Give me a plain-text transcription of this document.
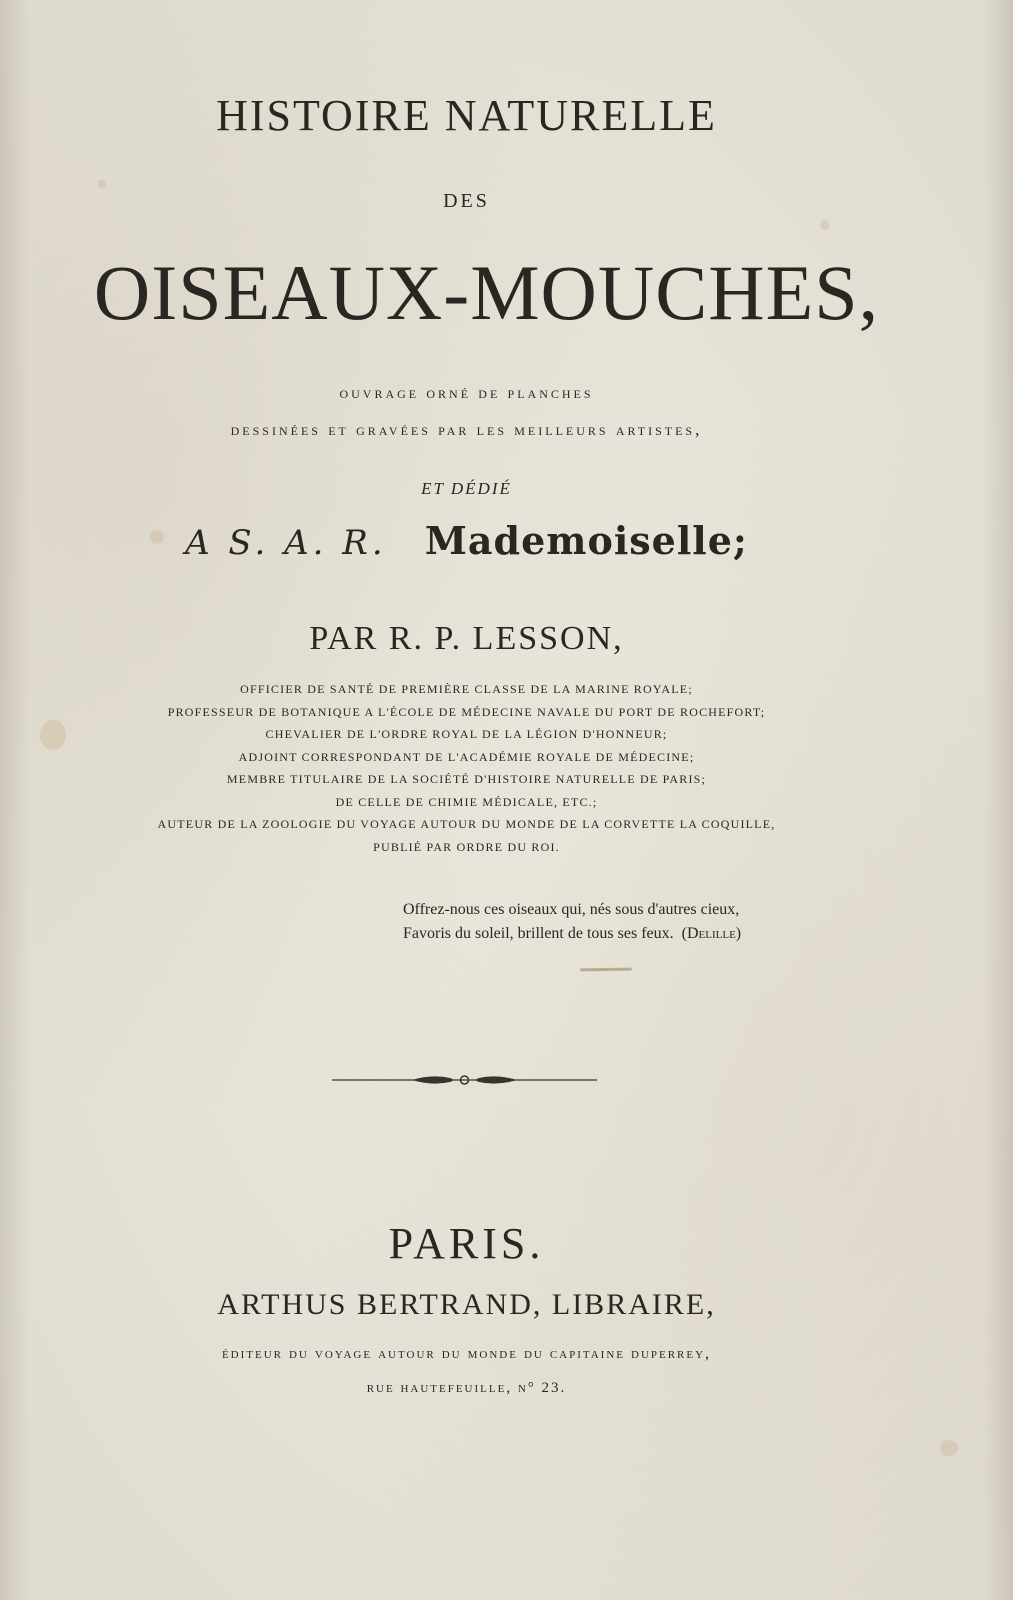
HISTOIRE NATURELLE
DES
OISEAUX-MOUCHES,
ouvrage orné de planches
dessinées et gravées par les meilleurs artistes,
ET DÉDIÉ
A S. A. R. Mademoiselle;
PAR R. P. LESSON,
OFFICIER DE SANTÉ DE PREMIÈRE CLASSE DE LA MARINE ROYALE;
PROFESSEUR DE BOTANIQUE A L'ÉCOLE DE MÉDECINE NAVALE DU PORT DE ROCHEFORT;
CHEVALIER DE L'ORDRE ROYAL DE LA LÉGION D'HONNEUR;
ADJOINT CORRESPONDANT DE L'ACADÉMIE ROYALE DE MÉDECINE;
MEMBRE TITULAIRE DE LA SOCIÉTÉ D'HISTOIRE NATURELLE DE PARIS;
DE CELLE DE CHIMIE MÉDICALE, ETC.;
AUTEUR DE LA ZOOLOGIE DU VOYAGE AUTOUR DU MONDE DE LA CORVETTE LA COQUILLE,
PUBLIÉ PAR ORDRE DU ROI.
Offrez-nous ces oiseaux qui, nés sous d'autres cieux,
Favoris du soleil, brillent de tous ses feux. (Delille)
PARIS.
ARTHUS BERTRAND, LIBRAIRE,
éditeur du voyage autour du monde du capitaine duperrey,
rue hautefeuille, n° 23.
